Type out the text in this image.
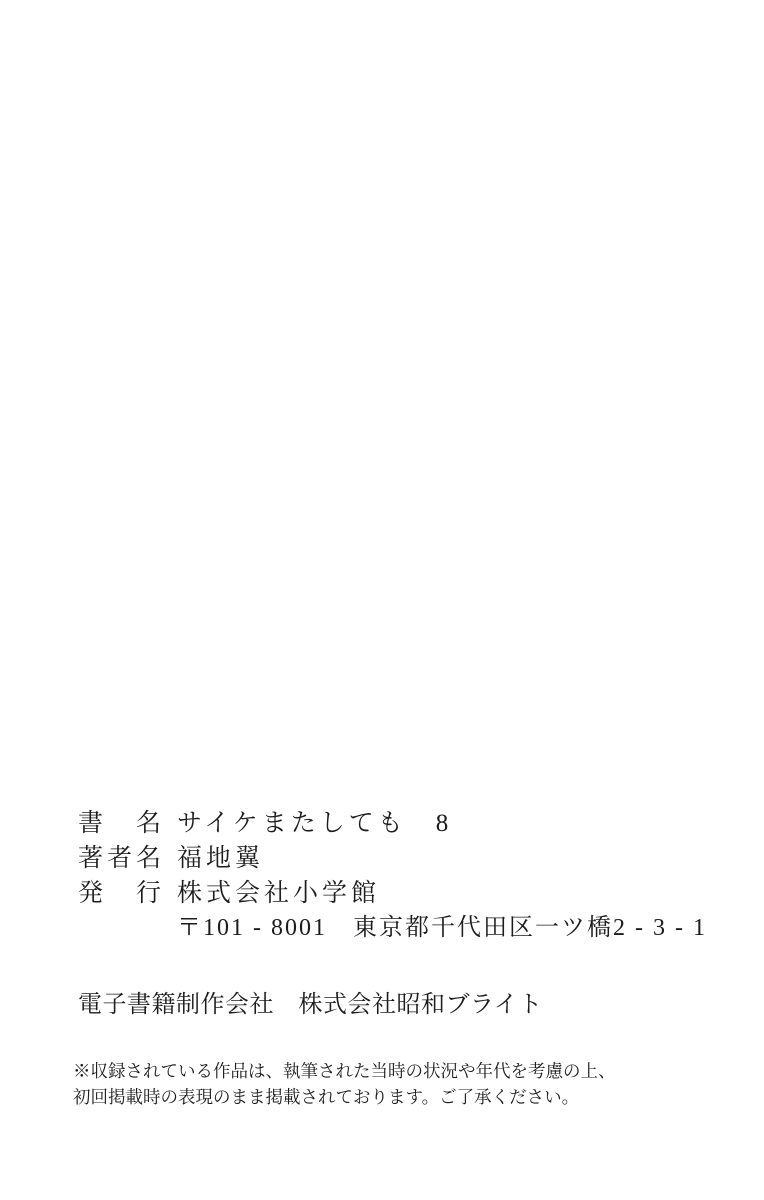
書　名 サイケまたしても　8
著者名 福地翼
発　行 株式会社小学館
〒101 - 8001　東京都千代田区一ツ橋2 - 3 - 1
電子書籍制作会社　株式会社昭和ブライト
※収録されている作品は、執筆された当時の状況や年代を考慮の上、
初回掲載時の表現のまま掲載されております。ご了承ください。
